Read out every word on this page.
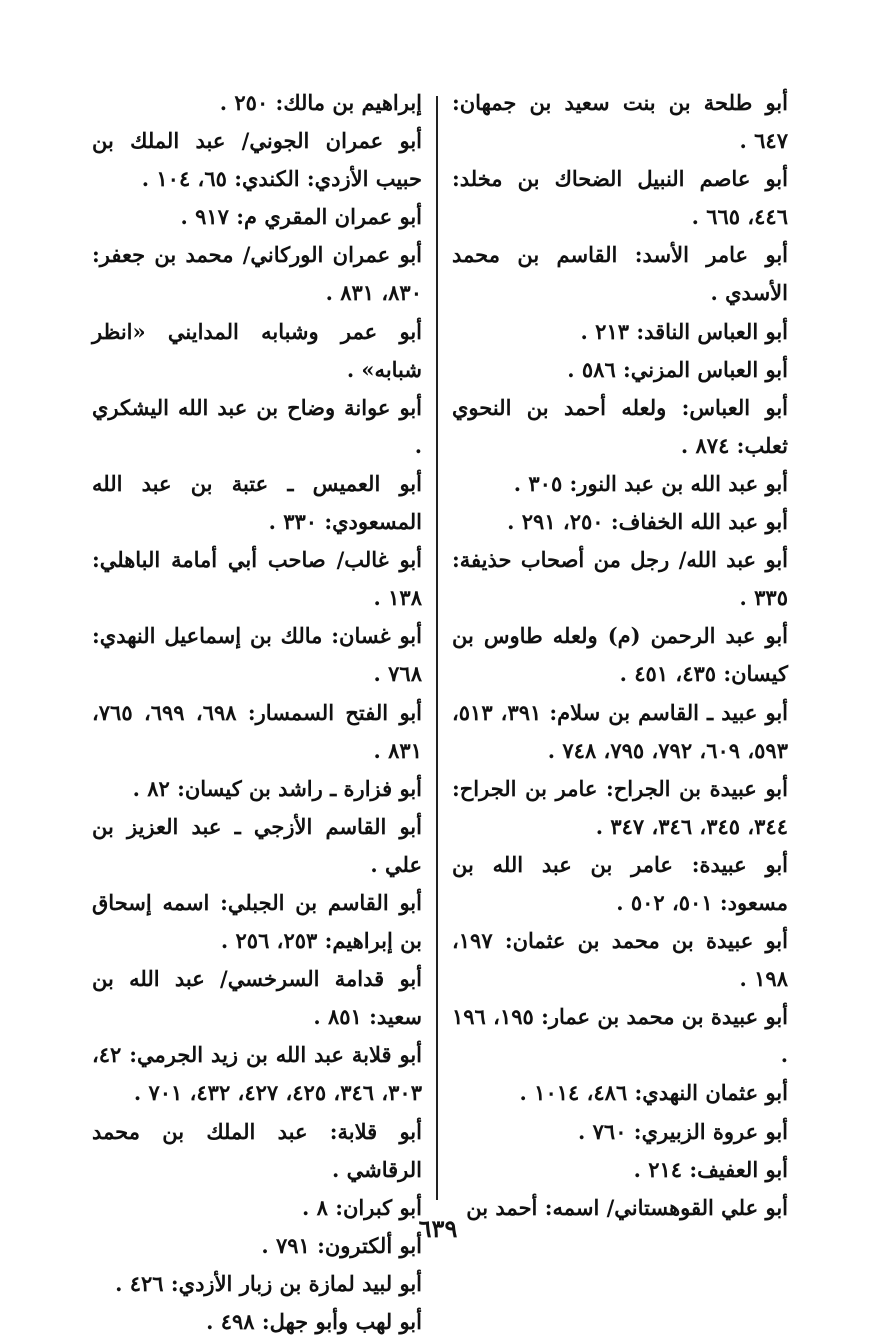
أبو طلحة بن بنت سعيد بن جمهان: ٦٤٧ .

أبو عاصم النبيل الضحاك بن مخلد: ٤٤٦، ٦٦٥ .

أبو عامر الأسد: القاسم بن محمد الأسدي .

أبو العباس الناقد: ٢١٣ .

أبو العباس المزني: ٥٨٦ .

أبو العباس: ولعله أحمد بن النحوي ثعلب: ٨٧٤ .

أبو عبد الله بن عبد النور: ٣٠٥ .

أبو عبد الله الخفاف: ٢٥٠، ٢٩١ .

أبو عبد الله/ رجل من أصحاب حذيفة: ٣٣٥ .

أبو عبد الرحمن (م) ولعله طاوس بن كيسان: ٤٣٥، ٤٥١ .

أبو عبيد ـ القاسم بن سلام: ٣٩١، ٥١٣، ٥٩٣، ٦٠٩، ٧٩٢، ٧٩٥، ٧٤٨ .

أبو عبيدة بن الجراح: عامر بن الجراح: ٣٤٤، ٣٤٥، ٣٤٦، ٣٤٧ .

أبو عبيدة: عامر بن عبد الله بن مسعود: ٥٠١، ٥٠٢ .

أبو عبيدة بن محمد بن عثمان: ١٩٧، ١٩٨ .

أبو عبيدة بن محمد بن عمار: ١٩٥، ١٩٦ .

أبو عثمان النهدي: ٤٨٦، ١٠١٤ .

أبو عروة الزبيري: ٧٦٠ .

أبو العفيف: ٢١٤ .

أبو علي القوهستاني/ اسمه: أحمد بن

إبراهيم بن مالك: ٢٥٠ .

أبو عمران الجوني/ عبد الملك بن حبيب الأزدي: الكندي: ٦٥، ١٠٤ .

أبو عمران المقري م: ٩١٧ .

أبو عمران الوركاني/ محمد بن جعفر: ٨٣٠، ٨٣١ .

أبو عمر وشبابه المدايني «انظر شبابه» .

أبو عوانة وضاح بن عبد الله اليشكري .

أبو العميس ـ عتبة بن عبد الله المسعودي: ٣٣٠ .

أبو غالب/ صاحب أبي أمامة الباهلي: ١٣٨ .

أبو غسان: مالك بن إسماعيل النهدي: ٧٦٨ .

أبو الفتح السمسار: ٦٩٨، ٦٩٩، ٧٦٥، ٨٣١ .

أبو فزارة ـ راشد بن كيسان: ٨٢ .

أبو القاسم الأزجي ـ عبد العزيز بن علي .

أبو القاسم بن الجبلي: اسمه إسحاق بن إبراهيم: ٢٥٣، ٢٥٦ .

أبو قدامة السرخسي/ عبد الله بن سعيد: ٨٥١ .

أبو قلابة عبد الله بن زيد الجرمي: ٤٢، ٣٠٣، ٣٤٦، ٤٢٥، ٤٢٧، ٤٣٢، ٧٠١ .

أبو قلابة: عبد الملك بن محمد الرقاشي .

أبو كبران: ٨ .

أبو ألكترون: ٧٩١ .

أبو لبيد لمازة بن زبار الأزدي: ٤٢٦ .

أبو لهب وأبو جهل: ٤٩٨ .

٦٣٩
